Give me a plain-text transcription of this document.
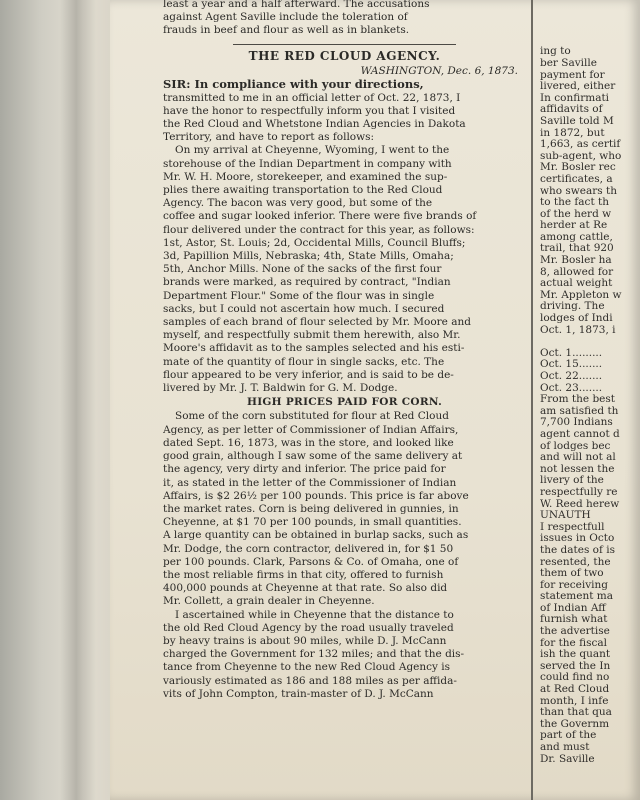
least a year and a half afterward. The accusations
against Agent Saville include the toleration of
frauds in beef and flour as well as in blankets.
THE RED CLOUD AGENCY.
WASHINGTON, Dec. 6, 1873.
SIR: In compliance with your directions,
transmitted to me in an official letter of Oct. 22, 1873, I
have the honor to respectfully inform you that I visited
the Red Cloud and Whetstone Indian Agencies in Dakota
Territory, and have to report as follows:
On my arrival at Cheyenne, Wyoming, I went to the
storehouse of the Indian Department in company with
Mr. W. H. Moore, storekeeper, and examined the sup-
plies there awaiting transportation to the Red Cloud
Agency. The bacon was very good, but some of the
coffee and sugar looked inferior. There were five brands of
flour delivered under the contract for this year, as follows:
1st, Astor, St. Louis; 2d, Occidental Mills, Council Bluffs;
3d, Papillion Mills, Nebraska; 4th, State Mills, Omaha;
5th, Anchor Mills. None of the sacks of the first four
brands were marked, as required by contract, "Indian
Department Flour." Some of the flour was in single
sacks, but I could not ascertain how much. I secured
samples of each brand of flour selected by Mr. Moore and
myself, and respectfully submit them herewith, also Mr.
Moore's affidavit as to the samples selected and his esti-
mate of the quantity of flour in single sacks, etc. The
flour appeared to be very inferior, and is said to be de-
livered by Mr. J. T. Baldwin for G. M. Dodge.
HIGH PRICES PAID FOR CORN.
Some of the corn substituted for flour at Red Cloud
Agency, as per letter of Commissioner of Indian Affairs,
dated Sept. 16, 1873, was in the store, and looked like
good grain, although I saw some of the same delivery at
the agency, very dirty and inferior. The price paid for
it, as stated in the letter of the Commissioner of Indian
Affairs, is $2 26½ per 100 pounds. This price is far above
the market rates. Corn is being delivered in gunnies, in
Cheyenne, at $1 70 per 100 pounds, in small quantities.
A large quantity can be obtained in burlap sacks, such as
Mr. Dodge, the corn contractor, delivered in, for $1 50
per 100 pounds. Clark, Parsons & Co. of Omaha, one of
the most reliable firms in that city, offered to furnish
400,000 pounds at Cheyenne at that rate. So also did
Mr. Collett, a grain dealer in Cheyenne.
I ascertained while in Cheyenne that the distance to
the old Red Cloud Agency by the road usually traveled
by heavy trains is about 90 miles, while D. J. McCann
charged the Government for 132 miles; and that the dis-
tance from Cheyenne to the new Red Cloud Agency is
variously estimated as 186 and 188 miles as per affida-
vits of John Compton, train-master of D. J. McCann
ing to
ber Saville
payment for
livered, either
In confirmati
affidavits of
Saville told M
in 1872, but
1,663, as certif
sub-agent, who
Mr. Bosler rec
certificates, a
who swears th
to the fact th
of the herd w
herder at Re
among cattle,
trail, that 920
Mr. Bosler ha
8, allowed for
actual weight
Mr. Appleton w
driving. The
lodges of Indi
Oct. 1, 1873, i
Oct. 1.........
Oct. 15.......
Oct. 22.......
Oct. 23.......
From the best
am satisfied th
7,700 Indians
agent cannot d
of lodges bec
and will not al
not lessen the
livery of the
respectfully re
W. Reed herew
UNAUTH
I respectfull
issues in Octo
the dates of is
resented, the
them of two
for receiving
statement ma
of Indian Aff
furnish what
the advertise
for the fiscal
ish the quant
served the In
could find no
at Red Cloud
month, I infe
than that qua
the Governm
part of the
and must
Dr. Saville
